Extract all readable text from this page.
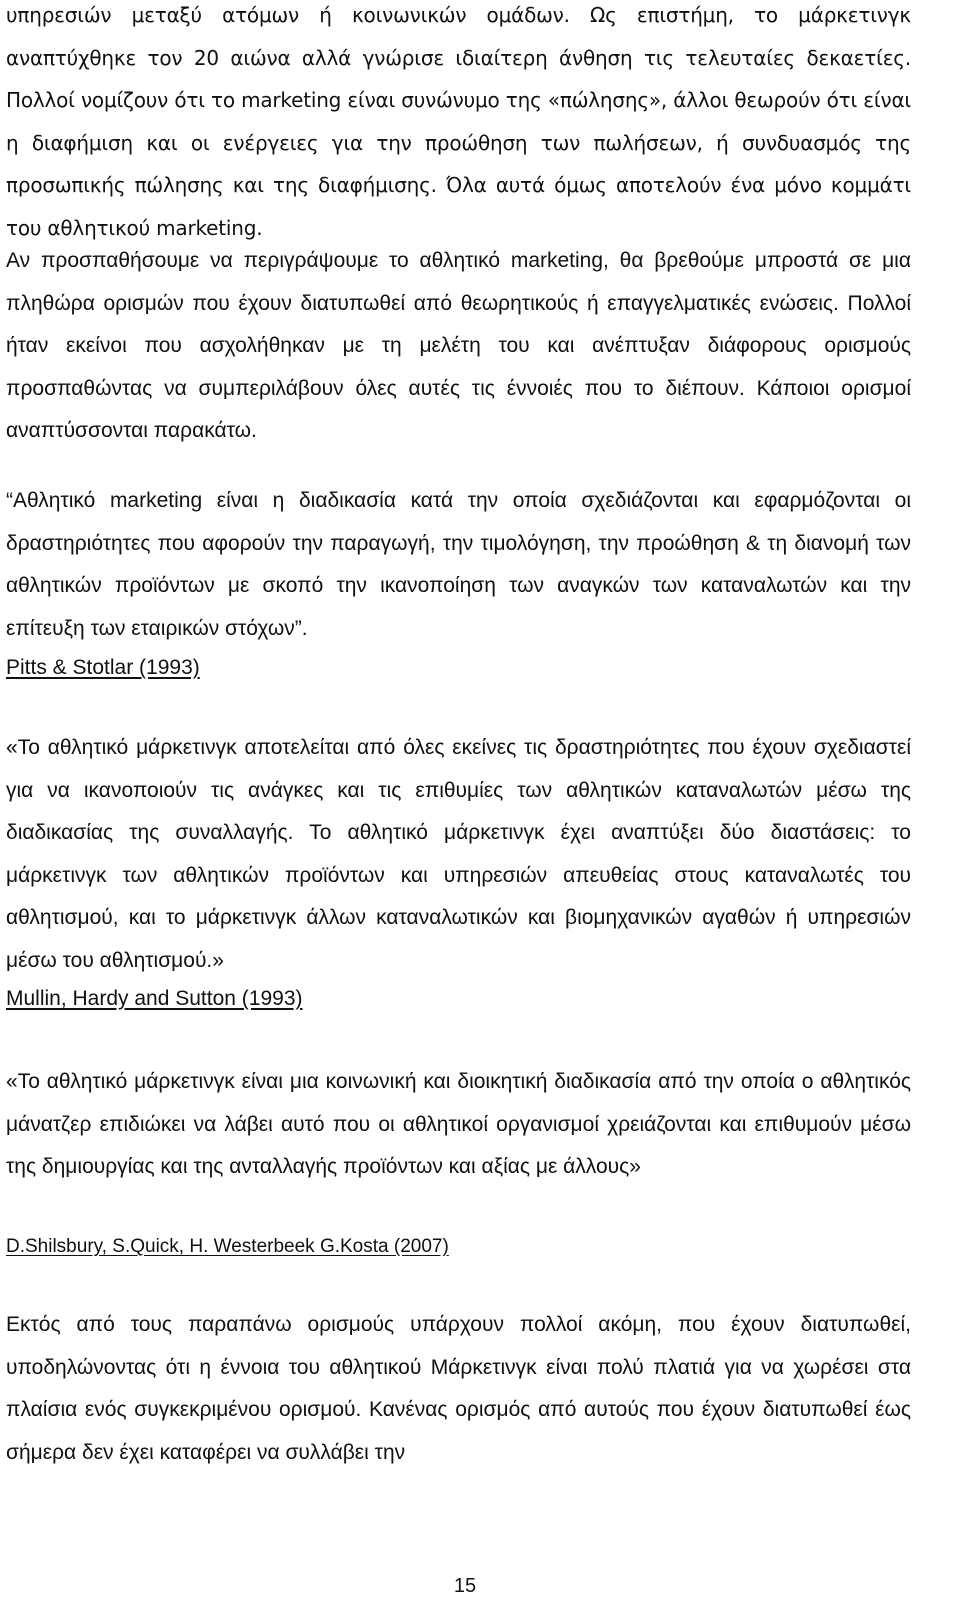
υπηρεσιών μεταξύ ατόμων ή κοινωνικών ομάδων. Ως επιστήμη, το μάρκετινγκ αναπτύχθηκε τον 20 αιώνα αλλά γνώρισε ιδιαίτερη άνθηση τις τελευταίες δεκαετίες. Πολλοί νομίζουν ότι το marketing είναι συνώνυμο της «πώλησης», άλλοι θεωρούν ότι είναι η διαφήμιση και οι ενέργειες για την προώθηση των πωλήσεων, ή συνδυασμός της προσωπικής πώλησης και της διαφήμισης. Όλα αυτά όμως αποτελούν ένα μόνο κομμάτι του αθλητικού marketing.

Αν προσπαθήσουμε να περιγράψουμε το αθλητικό marketing, θα βρεθούμε μπροστά σε μια πληθώρα ορισμών που έχουν διατυπωθεί από θεωρητικούς ή επαγγελματικές ενώσεις. Πολλοί ήταν εκείνοι που ασχολήθηκαν με τη μελέτη του και ανέπτυξαν διάφορους ορισμούς προσπαθώντας να συμπεριλάβουν όλες αυτές τις έννοιές που το διέπουν. Κάποιοι ορισμοί αναπτύσσονται παρακάτω.

“Αθλητικό marketing είναι η διαδικασία κατά την οποία σχεδιάζονται και εφαρμόζονται οι δραστηριότητες που αφορούν την παραγωγή, την τιμολόγηση, την προώθηση & τη διανομή των αθλητικών προϊόντων με σκοπό την ικανοποίηση των αναγκών των καταναλωτών και την επίτευξη των εταιρικών στόχων”.

Pitts & Stotlar (1993)

«Το αθλητικό μάρκετινγκ αποτελείται από όλες εκείνες τις δραστηριότητες που έχουν σχεδιαστεί για να ικανοποιούν τις ανάγκες και τις επιθυμίες των αθλητικών καταναλωτών μέσω της διαδικασίας της συναλλαγής. Το αθλητικό μάρκετινγκ έχει αναπτύξει δύο διαστάσεις: το μάρκετινγκ των αθλητικών προϊόντων και υπηρεσιών απευθείας στους καταναλωτές του αθλητισμού, και το μάρκετινγκ άλλων καταναλωτικών και βιομηχανικών αγαθών ή υπηρεσιών μέσω του αθλητισμού.»

Mullin, Hardy and Sutton (1993)

«Το αθλητικό μάρκετινγκ είναι μια κοινωνική και διοικητική διαδικασία από την οποία ο αθλητικός μάνατζερ επιδιώκει να λάβει αυτό που οι αθλητικοί οργανισμοί χρειάζονται και επιθυμούν μέσω της δημιουργίας και της ανταλλαγής προϊόντων και αξίας με άλλους»

D.Shilsbury, S.Quick, H. Westerbeek G.Kosta (2007)

Εκτός από τους παραπάνω ορισμούς υπάρχουν πολλοί ακόμη, που έχουν διατυπωθεί, υποδηλώνοντας ότι η έννοια του αθλητικού Μάρκετινγκ είναι πολύ πλατιά για να χωρέσει στα πλαίσια ενός συγκεκριμένου ορισμού. Κανένας ορισμός από αυτούς που έχουν διατυπωθεί έως σήμερα δεν έχει καταφέρει να συλλάβει την

15
